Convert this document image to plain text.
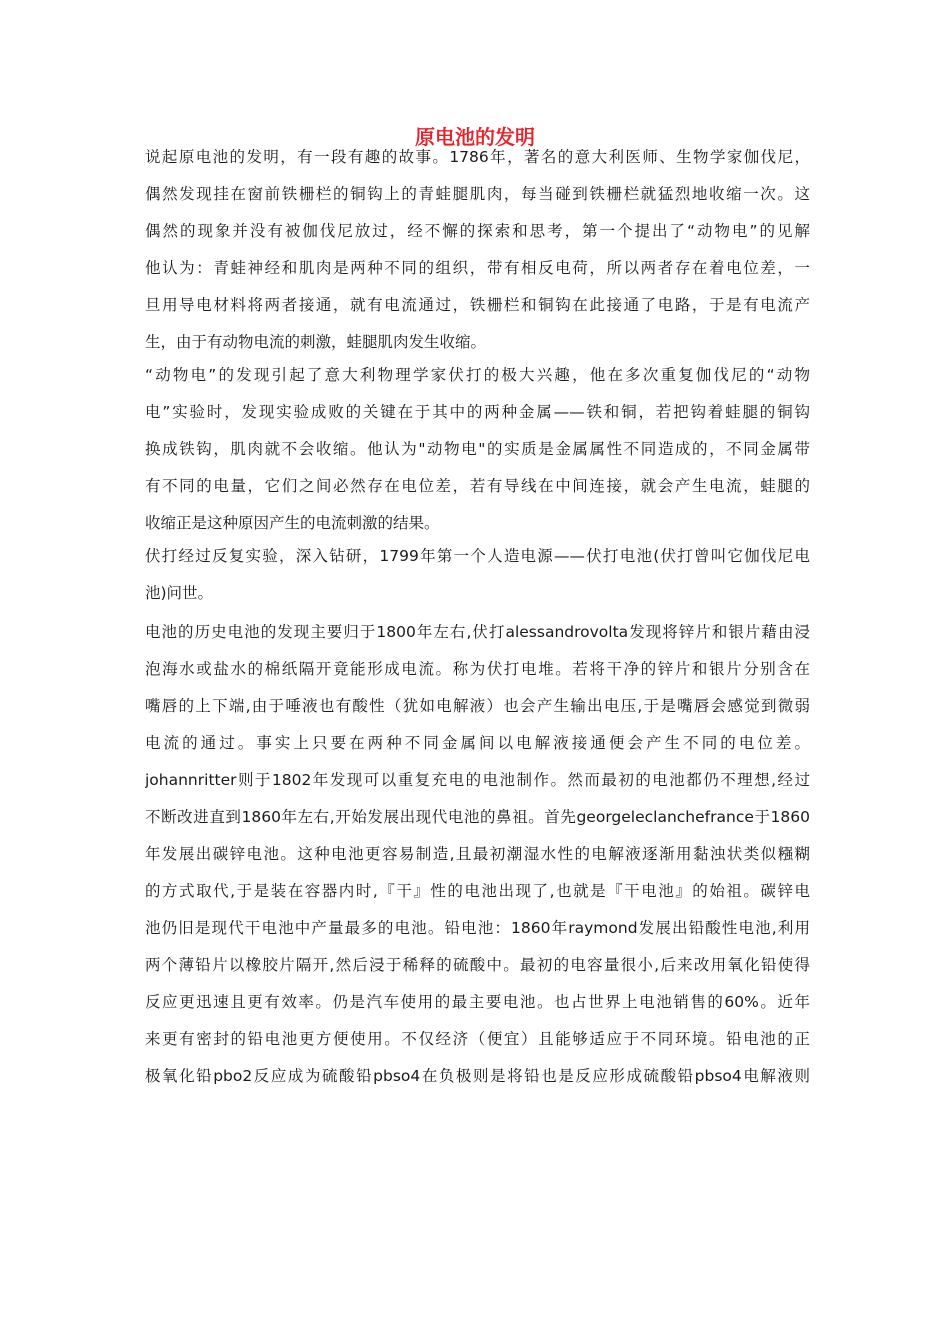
原电池的发明
说起原电池的发明，有一段有趣的故事。1786年，著名的意大利医师、生物学家伽伐尼，
偶然发现挂在窗前铁栅栏的铜钩上的青蛙腿肌肉，每当碰到铁栅栏就猛烈地收缩一次。这
偶然的现象并没有被伽伐尼放过，经不懈的探索和思考，第一个提出了“动物电”的见解
他认为：青蛙神经和肌肉是两种不同的组织，带有相反电荷，所以两者存在着电位差，一
旦用导电材料将两者接通，就有电流通过，铁栅栏和铜钩在此接通了电路，于是有电流产
生，由于有动物电流的刺激，蛙腿肌肉发生收缩。
“动物电”的发现引起了意大利物理学家伏打的极大兴趣，他在多次重复伽伐尼的“动物
电”实验时，发现实验成败的关键在于其中的两种金属——铁和铜，若把钩着蛙腿的铜钩
换成铁钩，肌肉就不会收缩。他认为"动物电"的实质是金属属性不同造成的，不同金属带
有不同的电量，它们之间必然存在电位差，若有导线在中间连接，就会产生电流，蛙腿的
收缩正是这种原因产生的电流刺激的结果。
伏打经过反复实验，深入钻研，1799年第一个人造电源——伏打电池(伏打曾叫它伽伐尼电
池)问世。
电池的历史电池的发现主要归于1800年左右,伏打alessandrovolta发现将锌片和银片藉由浸
泡海水或盐水的棉纸隔开竟能形成电流。称为伏打电堆。若将干净的锌片和银片分别含在
嘴唇的上下端,由于唾液也有酸性（犹如电解液）也会产生输出电压,于是嘴唇会感觉到微弱
电流的通过。事实上只要在两种不同金属间以电解液接通便会产生不同的电位差。
johannritter则于1802年发现可以重复充电的电池制作。然而最初的电池都仍不理想,经过
不断改进直到1860年左右,开始发展出现代电池的鼻祖。首先georgeleclanchefrance于1860
年发展出碳锌电池。这种电池更容易制造,且最初潮湿水性的电解液逐渐用黏浊状类似糨糊
的方式取代,于是装在容器内时,『干』性的电池出现了,也就是『干电池』的始祖。碳锌电
池仍旧是现代干电池中产量最多的电池。铅电池：1860年raymond发展出铅酸性电池,利用
两个薄铅片以橡胶片隔开,然后浸于稀释的硫酸中。最初的电容量很小,后来改用氧化铅使得
反应更迅速且更有效率。仍是汽车使用的最主要电池。也占世界上电池销售的60%。近年
来更有密封的铅电池更方便使用。不仅经济（便宜）且能够适应于不同环境。铅电池的正
极氧化铅pbo2反应成为硫酸铅pbso4在负极则是将铅也是反应形成硫酸铅pbso4电解液则
